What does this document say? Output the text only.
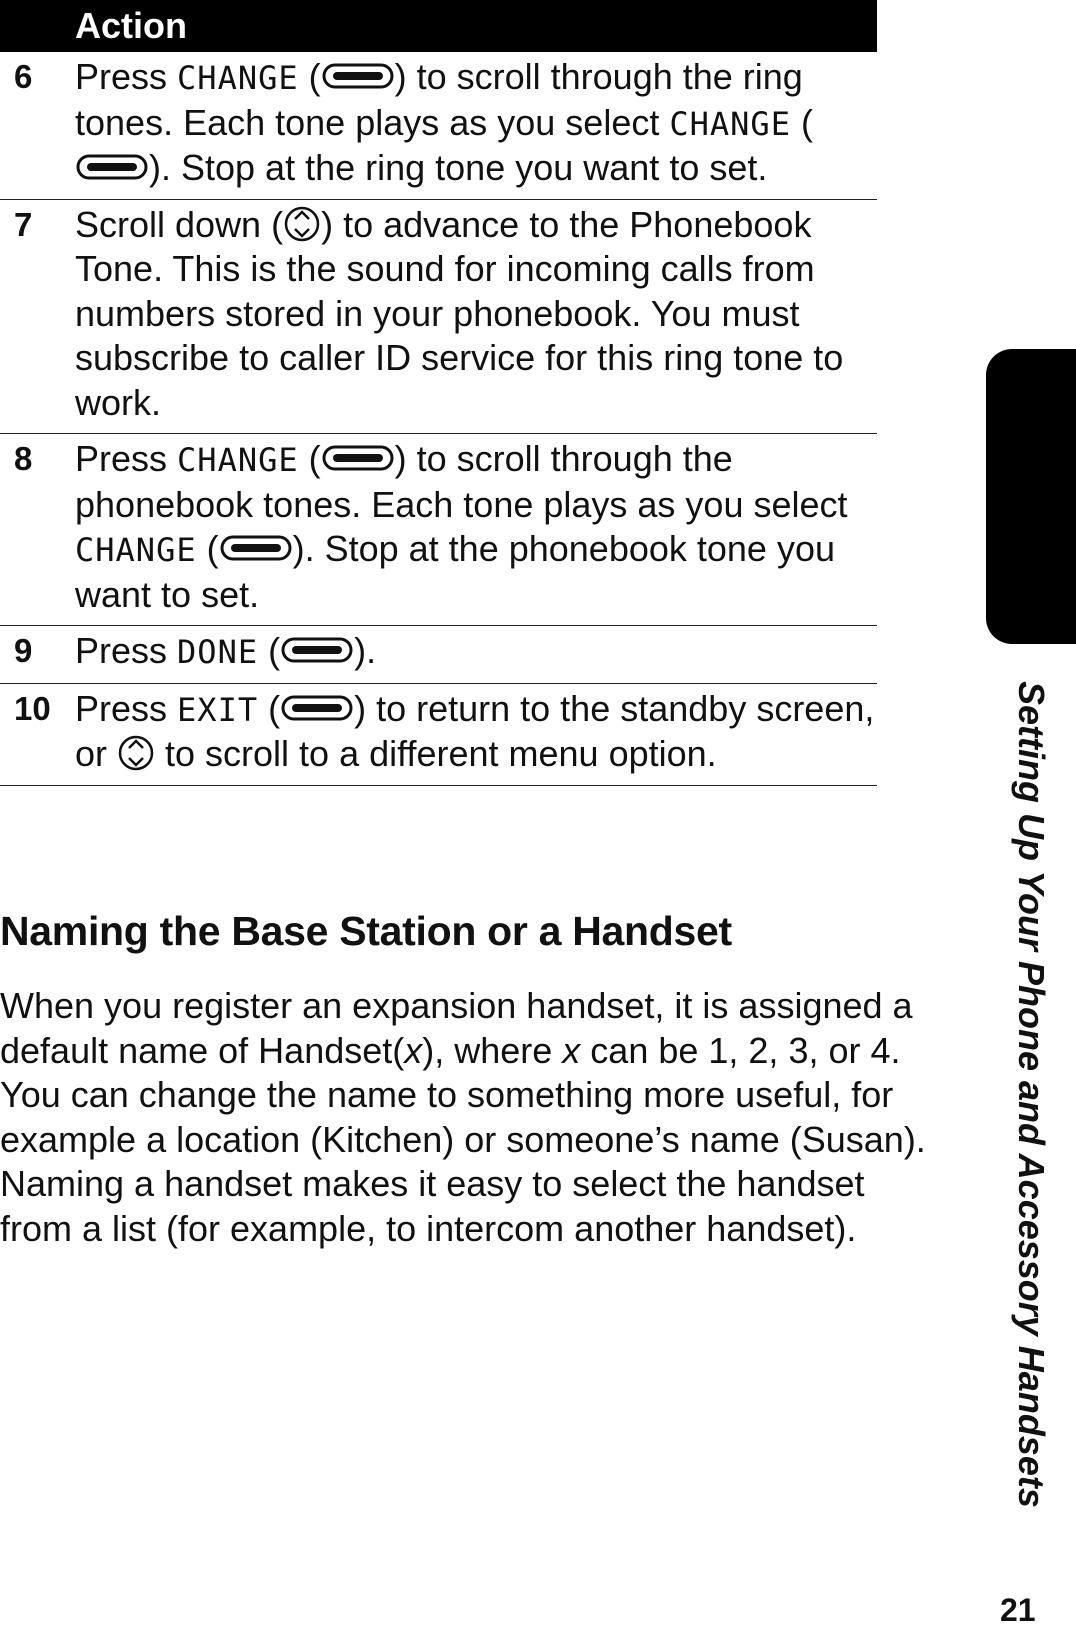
Action
6	Press CHANGE ( ) to scroll through the ring tones. Each tone plays as you select CHANGE (). Stop at the ring tone you want to set.
7	Scroll down ( ) to advance to the Phonebook Tone. This is the sound for incoming calls from numbers stored in your phonebook. You must subscribe to caller ID service for this ring tone to work.
8	Press CHANGE ( ) to scroll through the phonebook tones. Each tone plays as you select CHANGE ( ). Stop at the phonebook tone you want to set.
9	Press DONE ( ).
10 Press EXIT ( ) to return to the standby screen, or  to scroll to a different menu option.
Naming the Base Station or a Handset

When you register an expansion handset, it is assigned a default name of Handset(x), where x can be 1, 2, 3, or 4. You can change the name to something more useful, for example a location (Kitchen) or someone’s name (Susan). Naming a handset makes it easy to select the handset from a list (for example, to intercom another handset).	Setting Up Your Phone and Accessory Handsets
21
